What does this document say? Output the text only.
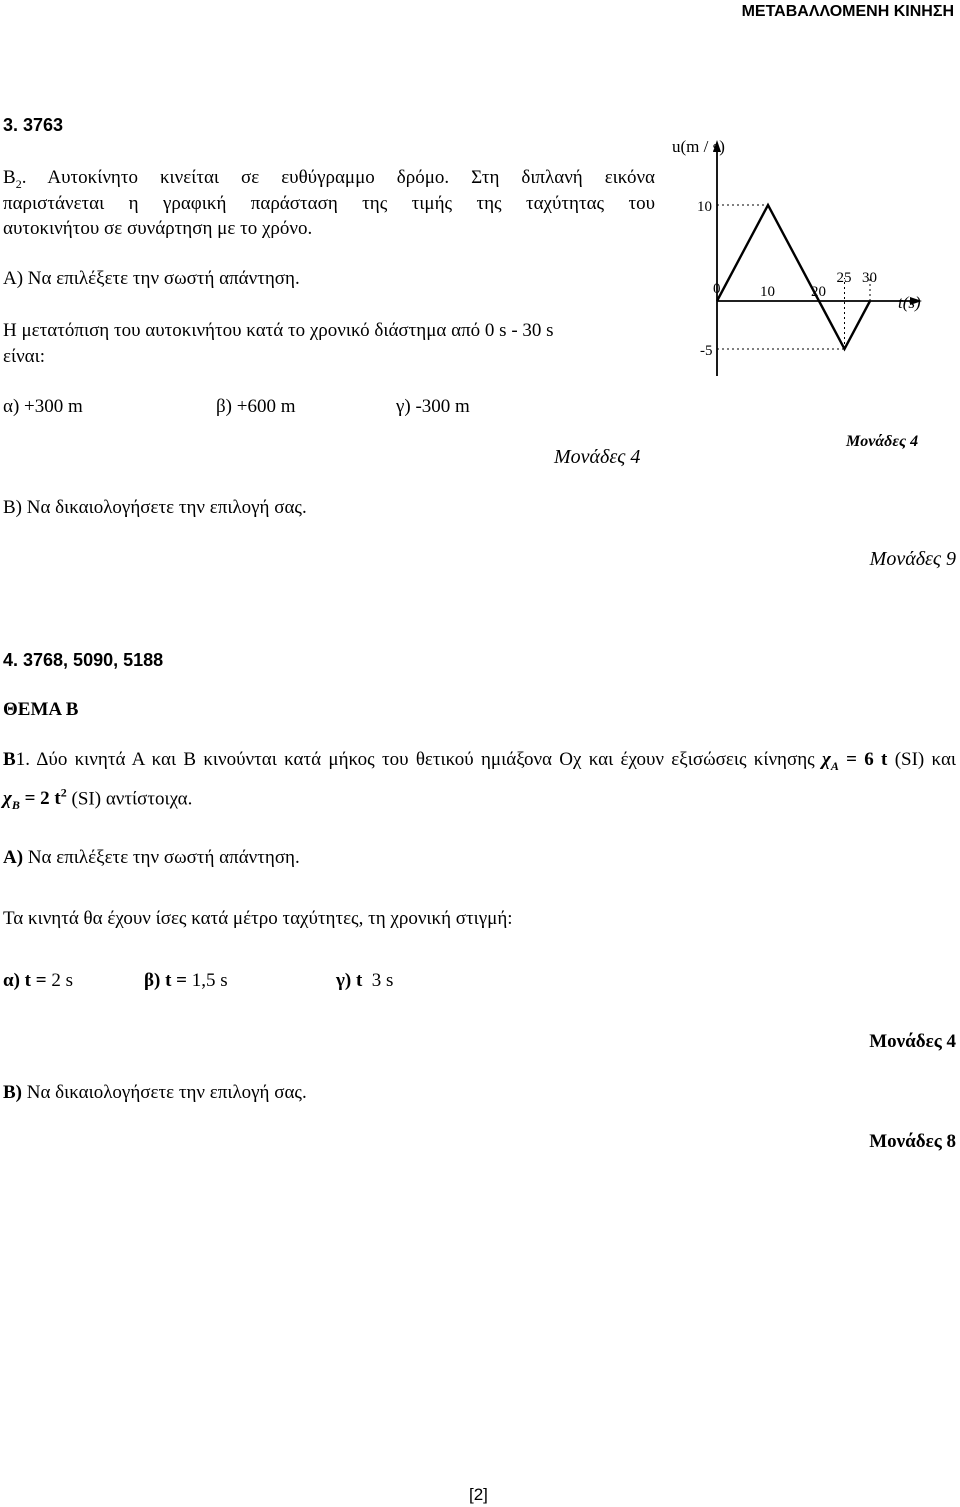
ΜΕΤΑΒΑΛΛΟΜΕΝΗ ΚΙΝΗΣΗ
3. 3763
$B_2$. Αυτοκίνητο κινείται σε ευθύγραμμο δρόμο. Στη διπλανή εικόνα
παριστάνεται η γραφική παράσταση της τιμής της ταχύτητας του
αυτοκινήτου σε συνάρτηση με το χρόνο.
Α) Να επιλέξετε την σωστή απάντηση.
Η μετατόπιση του αυτοκινήτου κατά το χρονικό διάστημα από 0 s - 30 s
είναι:
α) +300 m	β) +600 m	γ) -300 m
Μονάδες 4
Β) Να δικαιολογήσετε την επιλογή σας.
Μονάδες 9
u(m / s)
10
0
-5
10 20
25 30
t(s)
Μονάδες 4
4. 3768, 5090, 5188
ΘΕΜΑ Β
Β1. Δύο κινητά Α και Β κινούνται κατά μήκος του θετικού ημιάξονα Οχ και έχουν εξισώσεις κίνησης $\chi_A = 6$ t (SI) και
$\chi_B = 2$ $t^2$ (SI) αντίστοιχα.
Α) Να επιλέξετε την σωστή απάντηση.
Τα κινητά θα έχουν ίσες κατά μέτρο ταχύτητες, τη χρονική στιγμή:
α) t = 2 s	β) t = 1,5 s	γ) t 3 s
Μονάδες 4
Β) Να δικαιολογήσετε την επιλογή σας.
Μονάδες 8
[2]
